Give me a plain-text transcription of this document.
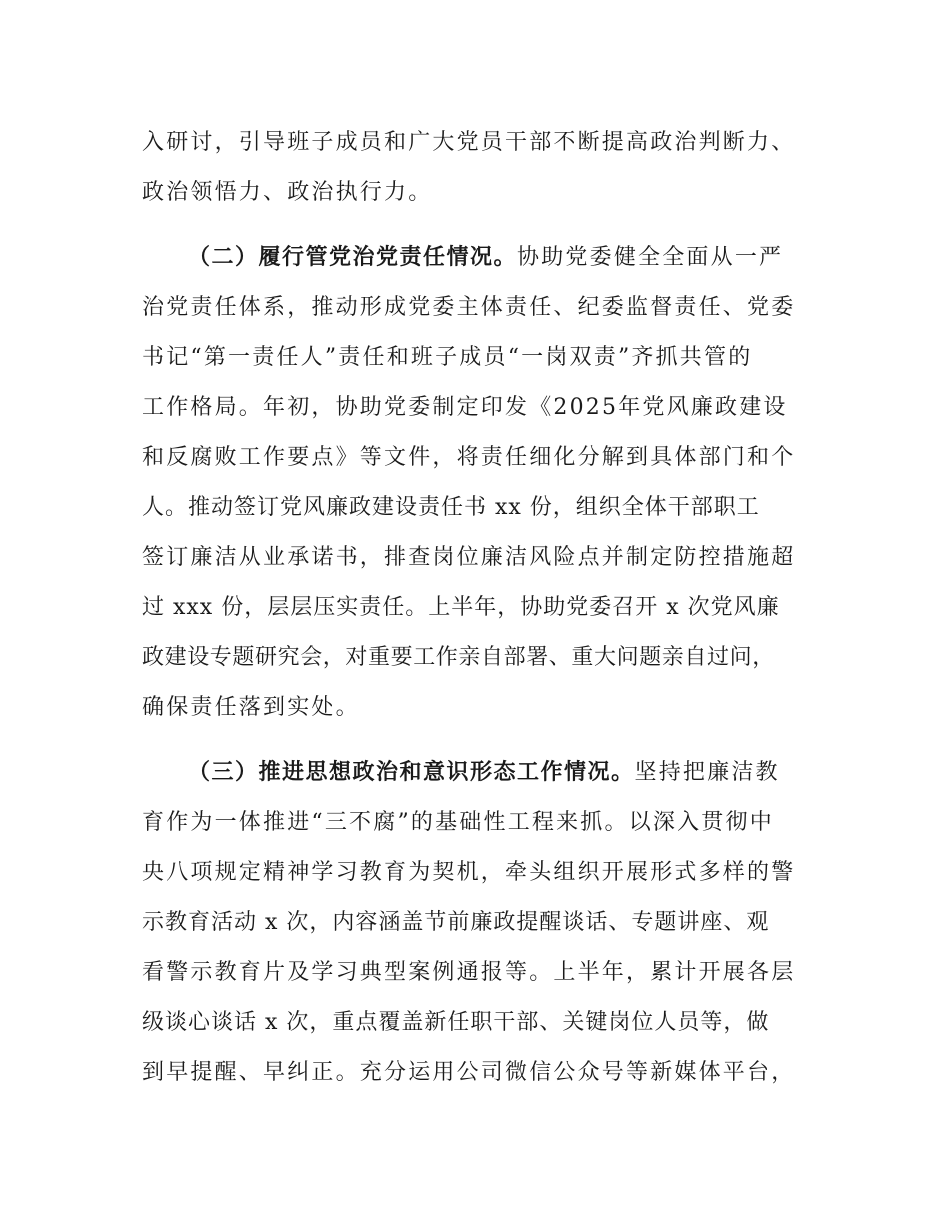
入研讨，引导班子成员和广大党员干部不断提高政治判断力、
政治领悟力、政治执行力。
（二）履行管党治党责任情况。协助党委健全全面从一严
治党责任体系，推动形成党委主体责任、纪委监督责任、党委
书记“第一责任人”责任和班子成员“一岗双责”齐抓共管的
工作格局。年初，协助党委制定印发《2025年党风廉政建设
和反腐败工作要点》等文件，将责任细化分解到具体部门和个
人。推动签订党风廉政建设责任书 xx 份，组织全体干部职工
签订廉洁从业承诺书，排查岗位廉洁风险点并制定防控措施超
过 xxx 份，层层压实责任。上半年，协助党委召开 x 次党风廉
政建设专题研究会，对重要工作亲自部署、重大问题亲自过问，
确保责任落到实处。
（三）推进思想政治和意识形态工作情况。坚持把廉洁教
育作为一体推进“三不腐”的基础性工程来抓。以深入贯彻中
央八项规定精神学习教育为契机，牵头组织开展形式多样的警
示教育活动 x 次，内容涵盖节前廉政提醒谈话、专题讲座、观
看警示教育片及学习典型案例通报等。上半年，累计开展各层
级谈心谈话 x 次，重点覆盖新任职干部、关键岗位人员等，做
到早提醒、早纠正。充分运用公司微信公众号等新媒体平台，
